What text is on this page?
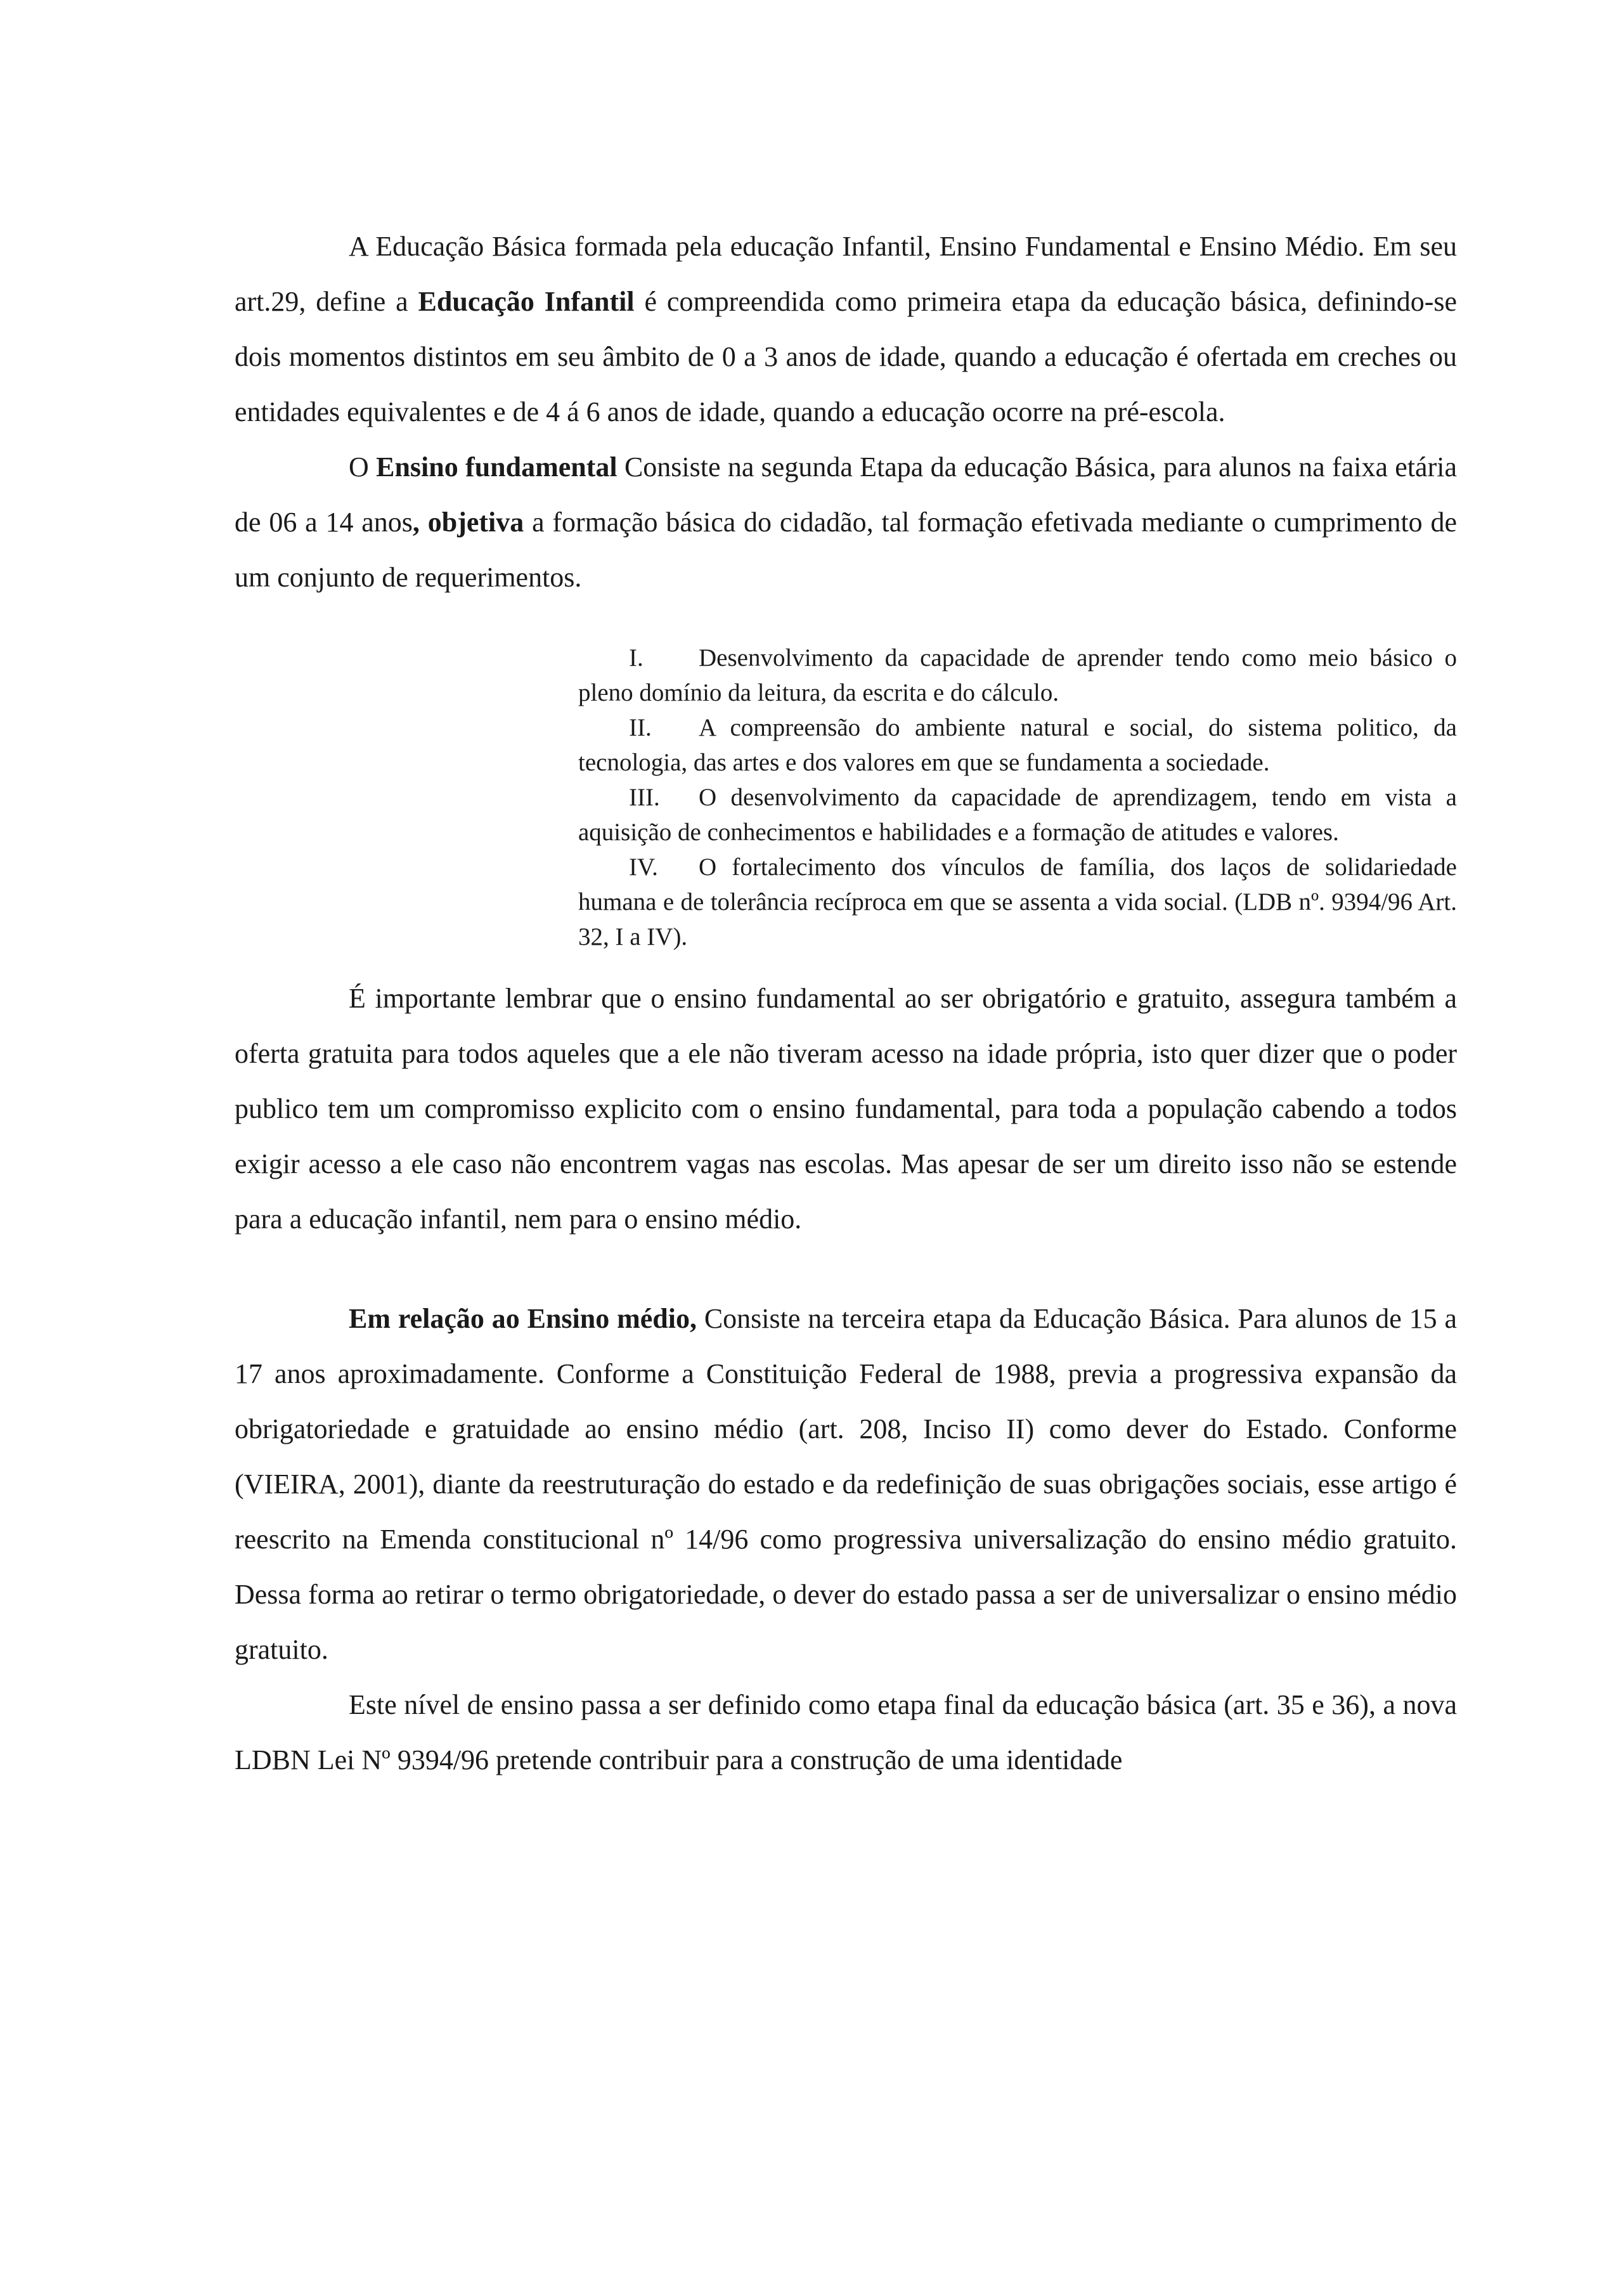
A Educação Básica formada pela educação Infantil, Ensino Fundamental e Ensino Médio. Em seu art.29, define a Educação Infantil é compreendida como primeira etapa da educação básica, definindo-se dois momentos distintos em seu âmbito de 0 a 3 anos de idade, quando a educação é ofertada em creches ou entidades equivalentes e de 4 á 6 anos de idade, quando a educação ocorre na pré-escola.

O Ensino fundamental Consiste na segunda Etapa da educação Básica, para alunos na faixa etária de 06 a 14 anos, objetiva a formação básica do cidadão, tal formação efetivada mediante o cumprimento de um conjunto de requerimentos.

I. Desenvolvimento da capacidade de aprender tendo como meio básico o pleno domínio da leitura, da escrita e do cálculo.
II. A compreensão do ambiente natural e social, do sistema politico, da tecnologia, das artes e dos valores em que se fundamenta a sociedade.
III. O desenvolvimento da capacidade de aprendizagem, tendo em vista a aquisição de conhecimentos e habilidades e a formação de atitudes e valores.
IV. O fortalecimento dos vínculos de família, dos laços de solidariedade humana e de tolerância recíproca em que se assenta a vida social. (LDB nº. 9394/96 Art. 32, I a IV).

É importante lembrar que o ensino fundamental ao ser obrigatório e gratuito, assegura também a oferta gratuita para todos aqueles que a ele não tiveram acesso na idade própria, isto quer dizer que o poder publico tem um compromisso explicito com o ensino fundamental, para toda a população cabendo a todos exigir acesso a ele caso não encontrem vagas nas escolas. Mas apesar de ser um direito isso não se estende para a educação infantil, nem para o ensino médio.

Em relação ao Ensino médio, Consiste na terceira etapa da Educação Básica. Para alunos de 15 a 17 anos aproximadamente. Conforme a Constituição Federal de 1988, previa a progressiva expansão da obrigatoriedade e gratuidade ao ensino médio (art. 208, Inciso II) como dever do Estado. Conforme (VIEIRA, 2001), diante da reestruturação do estado e da redefinição de suas obrigações sociais, esse artigo é reescrito na Emenda constitucional nº 14/96 como progressiva universalização do ensino médio gratuito. Dessa forma ao retirar o termo obrigatoriedade, o dever do estado passa a ser de universalizar o ensino médio gratuito.

Este nível de ensino passa a ser definido como etapa final da educação básica (art. 35 e 36), a nova LDBN Lei Nº 9394/96 pretende contribuir para a construção de uma identidade
